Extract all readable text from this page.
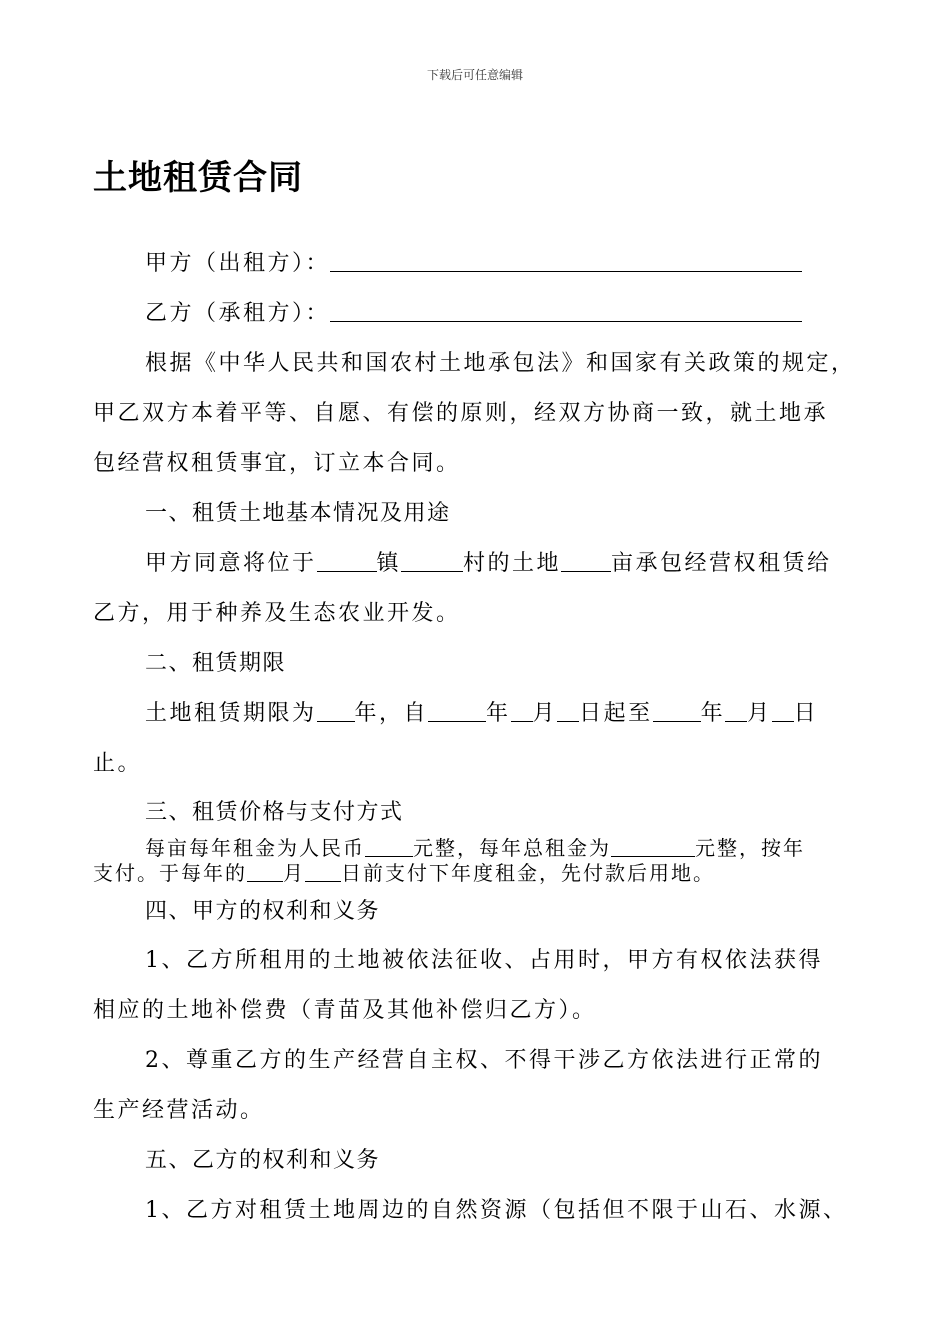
下载后可任意编辑
土地租赁合同
甲方（出租方）：
乙方（承租方）：
根据《中华人民共和国农村土地承包法》和国家有关政策的规定，
甲乙双方本着平等、自愿、有偿的原则，经双方协商一致，就土地承
包经营权租赁事宜，订立本合同。
一、租赁土地基本情况及用途
甲方同意将位于	镇	村的土地 亩承包经营权租赁给
乙方，用于种养及生态农业开发。
二、租赁期限
土地租赁期限为 年，自	年 月 日起至 年 月 日
止。
三、租赁价格与支付方式
每亩每年租金为人民币 元整，每年总租金为	元整，按年
支付。于每年的 月 日前支付下年度租金，先付款后用地。
四、甲方的权利和义务
1、乙方所租用的土地被依法征收、占用时，甲方有权依法获得
相应的土地补偿费（青苗及其他补偿归乙方）。
2、尊重乙方的生产经营自主权、不得干涉乙方依法进行正常的
生产经营活动。
五、乙方的权利和义务
1、乙方对租赁土地周边的自然资源（包括但不限于山石、水源、
